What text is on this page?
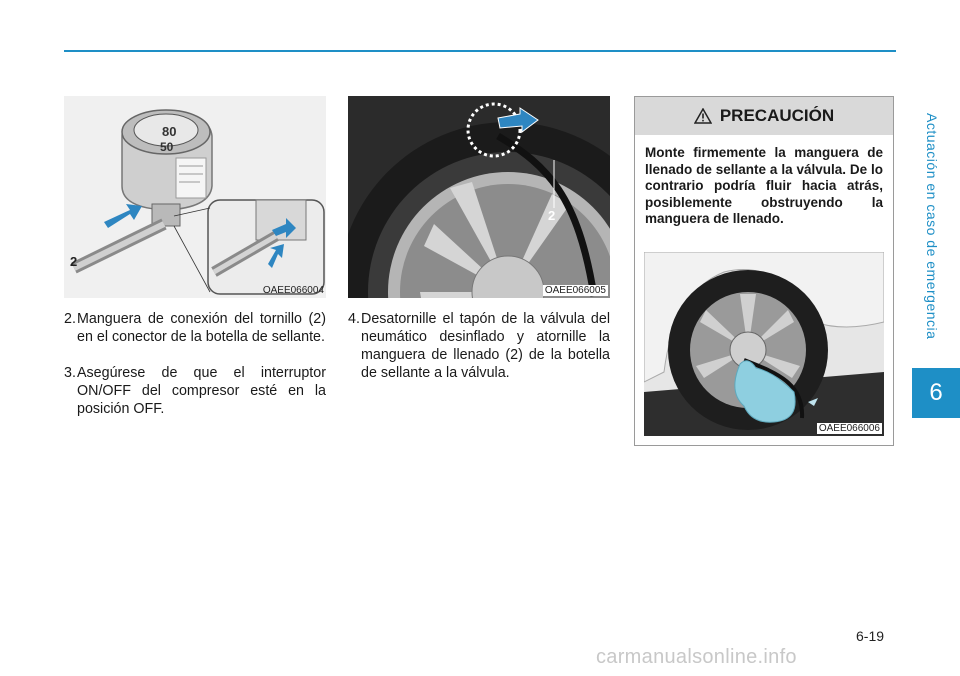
Actuación en caso de emergencia
6
80
50
2
OAEE066004
2
OAEE066005
2. Manguera de conexión del tornillo (2) en el conector de la botella de sellante.
3. Asegúrese de que el interruptor ON/OFF del compresor esté en la posición OFF.
4. Desatornille el tapón de la válvula del neumático desinflado y atornille la manguera de llenado (2) de la botella de sellante a la válvula.
PRECAUCIÓN
Monte firmemente la manguera de llenado de sellante a la válvula. De lo contrario podría fluir hacia atrás, posiblemente obstruyendo la manguera de llenado.
OAEE066006
6-19
carmanualsonline.info
